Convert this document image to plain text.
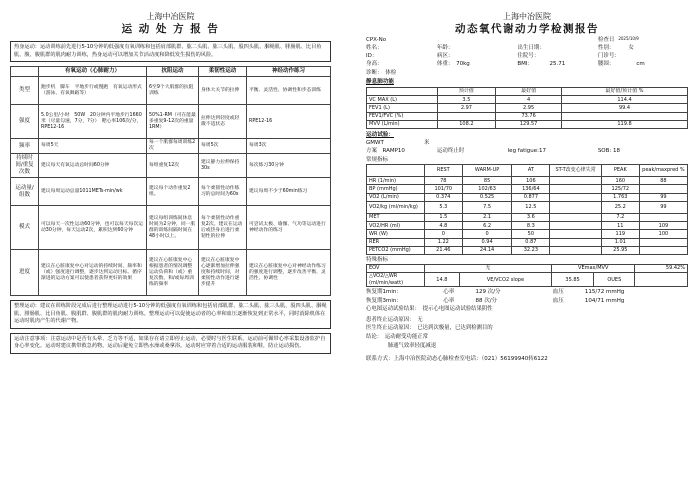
上海中冶医院
运 动 处 方 报 告
热身运动：运动训练前先进行5-10分钟的低强度有氧训练和包括肩部肌群、肱二头肌、肱三头肌、股四头肌、腘绳肌、腓肠肌、比目鱼肌、腹、腹肌群的肌肉耐力训练，热身运动可以增加关节活动度和降低发生损伤的风险。
	有氧运动（心肺耐力）	抗阻运动	柔韧性运动	神经动作练习
类型	跑步机　脚车　平地步行或慢跑　有氧运动形式（游泳、有氧舞蹈等）	6至9个大肌群的抗阻训练	身体大关节的拉伸	平衡、灵活性、协调性和步态训练
强度	5.0公里/小时　50W　20分钟内平地步行1660米（尽量勾速，7分，?分）　靶心率106次/分，RPE12-16	50%1-RM（可在能最多重复9-12次的重量1RM）	拉伸达到轻度或轻微不适状态	RPE12-16
频率	每周5天	每一个肌群每周训练2次	每周5次	每周3次
持续时间/重复次数	建议每天有氧运动总时间60分钟	每组重复12次	建议静力拉伸保持30s	每次练习30分钟
运动量/组数	建议每周运动总量1011METs-min/wk	建议每个动作重复2组。	每个柔韧性动作练习的总时间为60s	建议每周不少于60min练习
模式	可以每天一次性运动60分钟，也可以每天每次运动30分钟，每天运动2次，累积达到60分钟	建议每组训练间休息时间为2分钟，同一肌群的训练间隔时间在48小时以上。	每个柔韧性动作重复2次。建议在运动后或热身后进行柔韧性的拉伸	可尝试太极、瑜伽、气功等运动进行神经动作的练习
进度	建议在心脏康复中心对运动的持续时间、频率和（或）强度进行调整，逐步达到运动目标。循序渐进的运动方案可以使患者获得更好的效果	建议在心脏康复中心根据患者的情况调整运动负荷和（或）重复次数、和/或每周训练的频率	建议在心脏康复中心逐渐增加拉伸强度和持续时间，对柔韧性动作进行逐步提升	建议在心脏康复中心对神经动作练习的强度进行调整，逐步改善平衡、灵活性、协调性
整理运动：建议在训练阶段完成后进行整理运动进行5-10分钟的低强度有氧训练和包括肩部肌群、肱二头肌、肱三头肌、股四头肌、腘绳肌、腓肠肌、比目鱼肌、腹肌群、腹肌群的肌肉耐力训练。整理运动可以促使运动者的心率和血压逐渐恢复到正常水平，同时消除机体在运动时肌肉产生的代谢产物。
运动注意事项：注意运动中是否有头晕、乏力等不适，如果存在请立即停止运动，必要时与医生联系。运动前可佩带心率采集设备监护自身心率变化。运动时建议携带救急药物。运动后避免立即热水澡或桑拿浴。运动时应穿着合适的运动服装和鞋，防止运动损伤。
上海中冶医院
动态氧代谢动力学检测报告
CPX-No	检查日 2025/10/9
姓名：	年龄：	出生日期：	性别：	女
ID：	病区：	住院号：	门诊号：
身高：	体重：　70kg	BMI：	25.71	腰围：	cm
诊断：　体检
静息肺功能
	预计值	最好值	最好值/预计值 %
VC MAX (L)	3.5	4	114.4
FEV1 (L)	2.97	2.95	99.4
FEV1/FVC (%)		73.76	
MVV (L/min)	108.2	129.57	119.8
运动试验：
GMWT	米
方案　RAMP10	运动终止时	leg fatigue:17	SOB: 18
常规指标
	REST	WARM-UP	AT	ST-T改变心律失常	PEAK	peak/maxpred %
HR (1/min)	78	85	106		160	88
BP (mmHg)	101/70	102/63	136/64		125/72	
VO2 (L/min)	0.374	0.525	0.877		1.763	99
VO2/kg (ml/min/kg)	5.3	7.5	12.5		25.2	99
MET	1.5	2.1	3.6		7.2	
VO2/HR (ml)	4.8	6.2	8.3		11	109
WR (W)	0	0	50		119	100
RER	1.22	0.94	0.87		1.01	
PETCO2 (mmHg)	21.46	24.14	32.23		25.95	
特殊指标
EOV	无		VEmax/MVV		59.42%
△VO2/△WR (ml/min/watt)	14.8	VE/VCO2 slope	35.85	OUES	
恢复期1min：	心率	129 次/分	血压	115/72 mmHg
恢复期3min：	心率	88 次/分	血压	104/71 mmHg
心电图运动试验结果：　提示心电图运动试验结果阴性
患者终止运动原因：　无
医生终止运动原因：　已达到次极量，已达到检测目的
结论：　运动耐受功能正常
　　　　肺通气效率轻度减退
联系方式：上海中冶医院动态心肺检查室电话：（021）56199940转6122
